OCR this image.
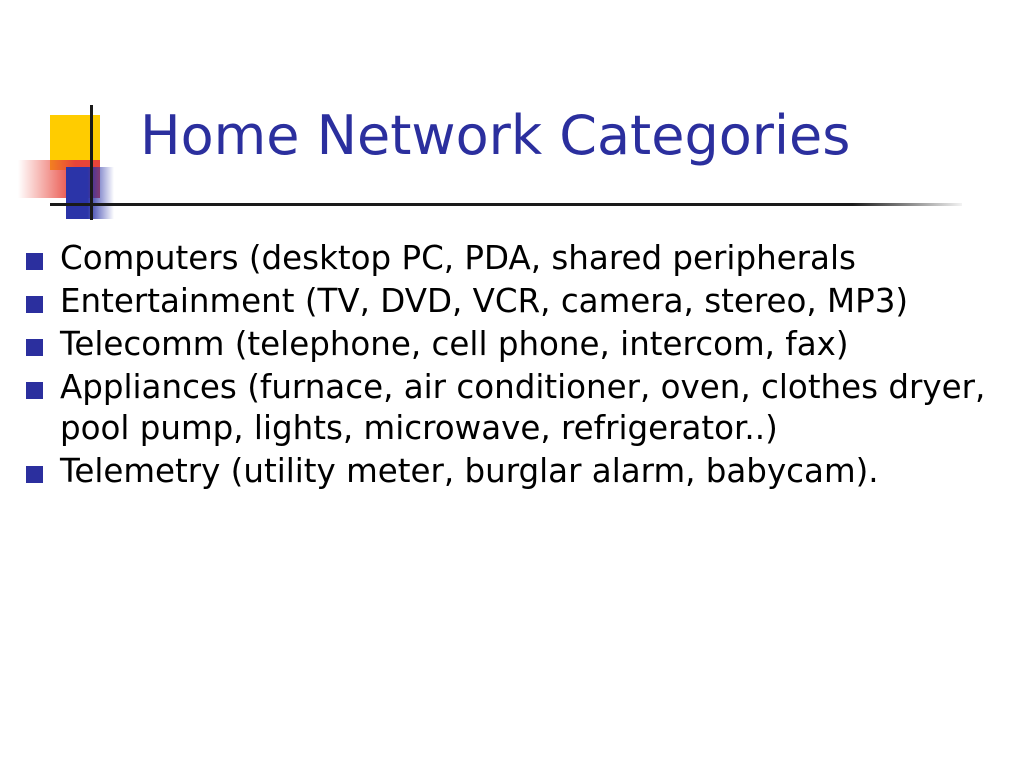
Home Network Categories
Computers (desktop PC, PDA, shared peripherals
Entertainment (TV, DVD, VCR, camera, stereo, MP3)
Telecomm (telephone, cell phone, intercom, fax)
Appliances (furnace, air conditioner, oven, clothes dryer, pool pump, lights, microwave, refrigerator..)
Telemetry (utility meter, burglar alarm, babycam).
